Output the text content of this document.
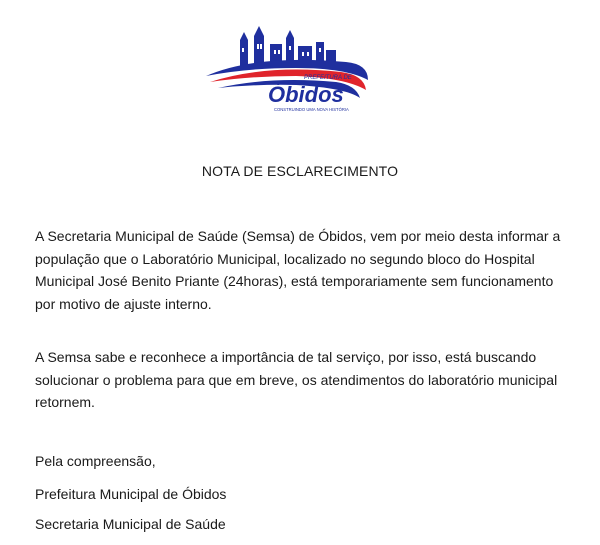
PREFEITURA DE
Óbidos
CONSTRUINDO UMA NOVA HISTÓRIA
NOTA DE ESCLARECIMENTO

A Secretaria Municipal de Saúde (Semsa) de Óbidos, vem por meio desta informar a população que o Laboratório Municipal, localizado no segundo bloco do Hospital Municipal José Benito Priante (24horas), está temporariamente sem funcionamento por motivo de ajuste interno.

A Semsa sabe e reconhece a importância de tal serviço, por isso, está buscando solucionar o problema para que em breve, os atendimentos do laboratório municipal retornem.

Pela compreensão,

Prefeitura Municipal de Óbidos

Secretaria Municipal de Saúde
